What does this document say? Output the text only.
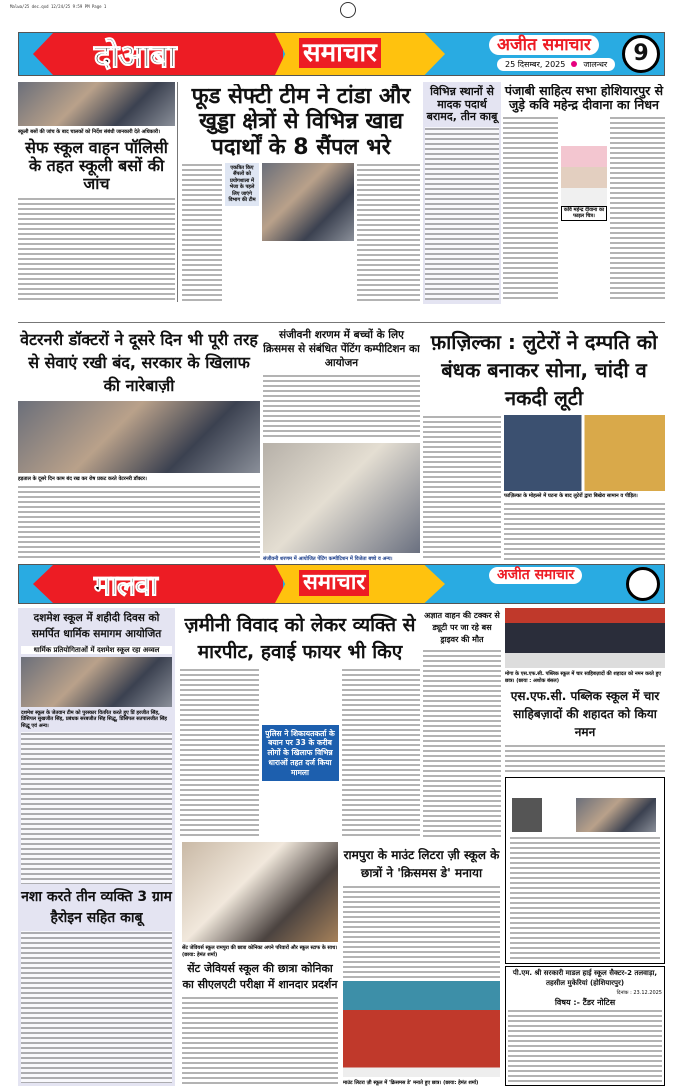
Malwa/25 dec.qxd 12/24/25 9:59 PM Page 1
दोआबा	समाचार	अजीत समाचार
25 दिसम्बर, 2025 जालन्धर	9
स्कूली बसों की जांच के बाद चालकों को निर्देश संबंधी जानकारी देते अधिकारी।
सेफ स्कूल वाहन पॉलिसी के तहत स्कूली बसों की जांच
फूड सेफ्टी टीम ने टांडा और खुड्डा क्षेत्रों से विभिन्न खाद्य पदार्थों के 8 सैंपल भरे
एकत्रित किए सैंपलों को प्रयोगशाला में भेजा के पहले लिए जाएंगे विभाग की टीम
विभिन्न स्थानों से मादक पदार्थ बरामद, तीन काबू
पंजाबी साहित्य सभा होशियारपुर से जुड़े कवि महेन्द्र दीवाना का निधन
कवि महेन्द्र दीवाना का फाइल चित्र।
वेटरनरी डॉक्टरों ने दूसरे दिन भी पूरी तरह से सेवाएं रखी बंद, सरकार के खिलाफ की नारेबाज़ी
हड़ताल के दूसरे दिन काम बंद रख कर रोष प्रकट करते वेटरनरी डॉक्टर।
संजीवनी शरणम में बच्चों के लिए क्रिसमस से संबंधित पेंटिंग कम्पीटिशन का आयोजन
संजीवनी शरणम में आयोजित पेंटिंग कम्पीटिशन में विजेता बच्चे व अन्य।
फ़ाज़िल्का : लुटेरों ने दम्पति को बंधक बनाकर सोना, चांदी व नकदी लूटी
फाज़िल्का के मोहल्ले में घटना के बाद लुटेरों द्वारा बिखेरा सामान व पीड़ित।
मालवा	समाचार	अजीत समाचार
दशमेश स्कूल में शहीदी दिवस को समर्पित धार्मिक समागम आयोजित
धार्मिक प्रतियोगिताओं में दशमेश स्कूल रहा अव्वल
दशमेश स्कूल के जेतवान टीम को पुरस्कार वितरित करते हुए प्रिं हरजीत सिंह, प्रिंसिपल सुखजीत सिंह, प्रबंधक सरबजीत सिंह सिद्धू, प्रिंसिपल सतपालजीत सिंह सिद्धू एवं अन्य।
नशा करते तीन व्यक्ति 3 ग्राम हैरोइन सहित काबू
ज़मीनी विवाद को लेकर व्यक्ति से मारपीट, हवाई फायर भी किए
पुलिस ने शिकायतकर्ता के बयान पर 33 के करीब लोगों के खिलाफ विभिन्न धाराओं तहत दर्ज किया मामला
अज्ञात वाहन की टक्कर से ड्यूटी पर जा रहे बस ड्राइवर की मौत
मोगा के एस.एफ.सी. पब्लिक स्कूल में चार साहिबज़ादों की शहादत को नमन करते हुए छात्र। (छाया : अशोक बंसल)
एस.एफ.सी. पब्लिक स्कूल में चार साहिबज़ादों की शहादत को किया नमन
सेंट जेवियर्स स्कूल रामपुरा की छात्रा कोनिका अपने परिवारों और स्कूल स्टाफ के साथ। (छाया: हेमंत शर्मा)
सेंट जेवियर्स स्कूल की छात्रा कोनिका का सीएलएटी परीक्षा में शानदार प्रदर्शन
रामपुरा के माउंट लिटरा ज़ी स्कूल के छात्रों ने 'क्रिसमस डे' मनाया
माउंट लिटरा ज़ी स्कूल में 'क्रिसमस डे' मनाते हुए छात्र। (छाया: हेमंत शर्मा)
पी.एम. श्री सरकारी माडल हाई स्कूल सैक्टर-2 तलवाड़ा, तहसील मुकेरियां (होशियारपुर)
दिनांक : 23.12.2025
विषय :- टैंडर नोटिस
